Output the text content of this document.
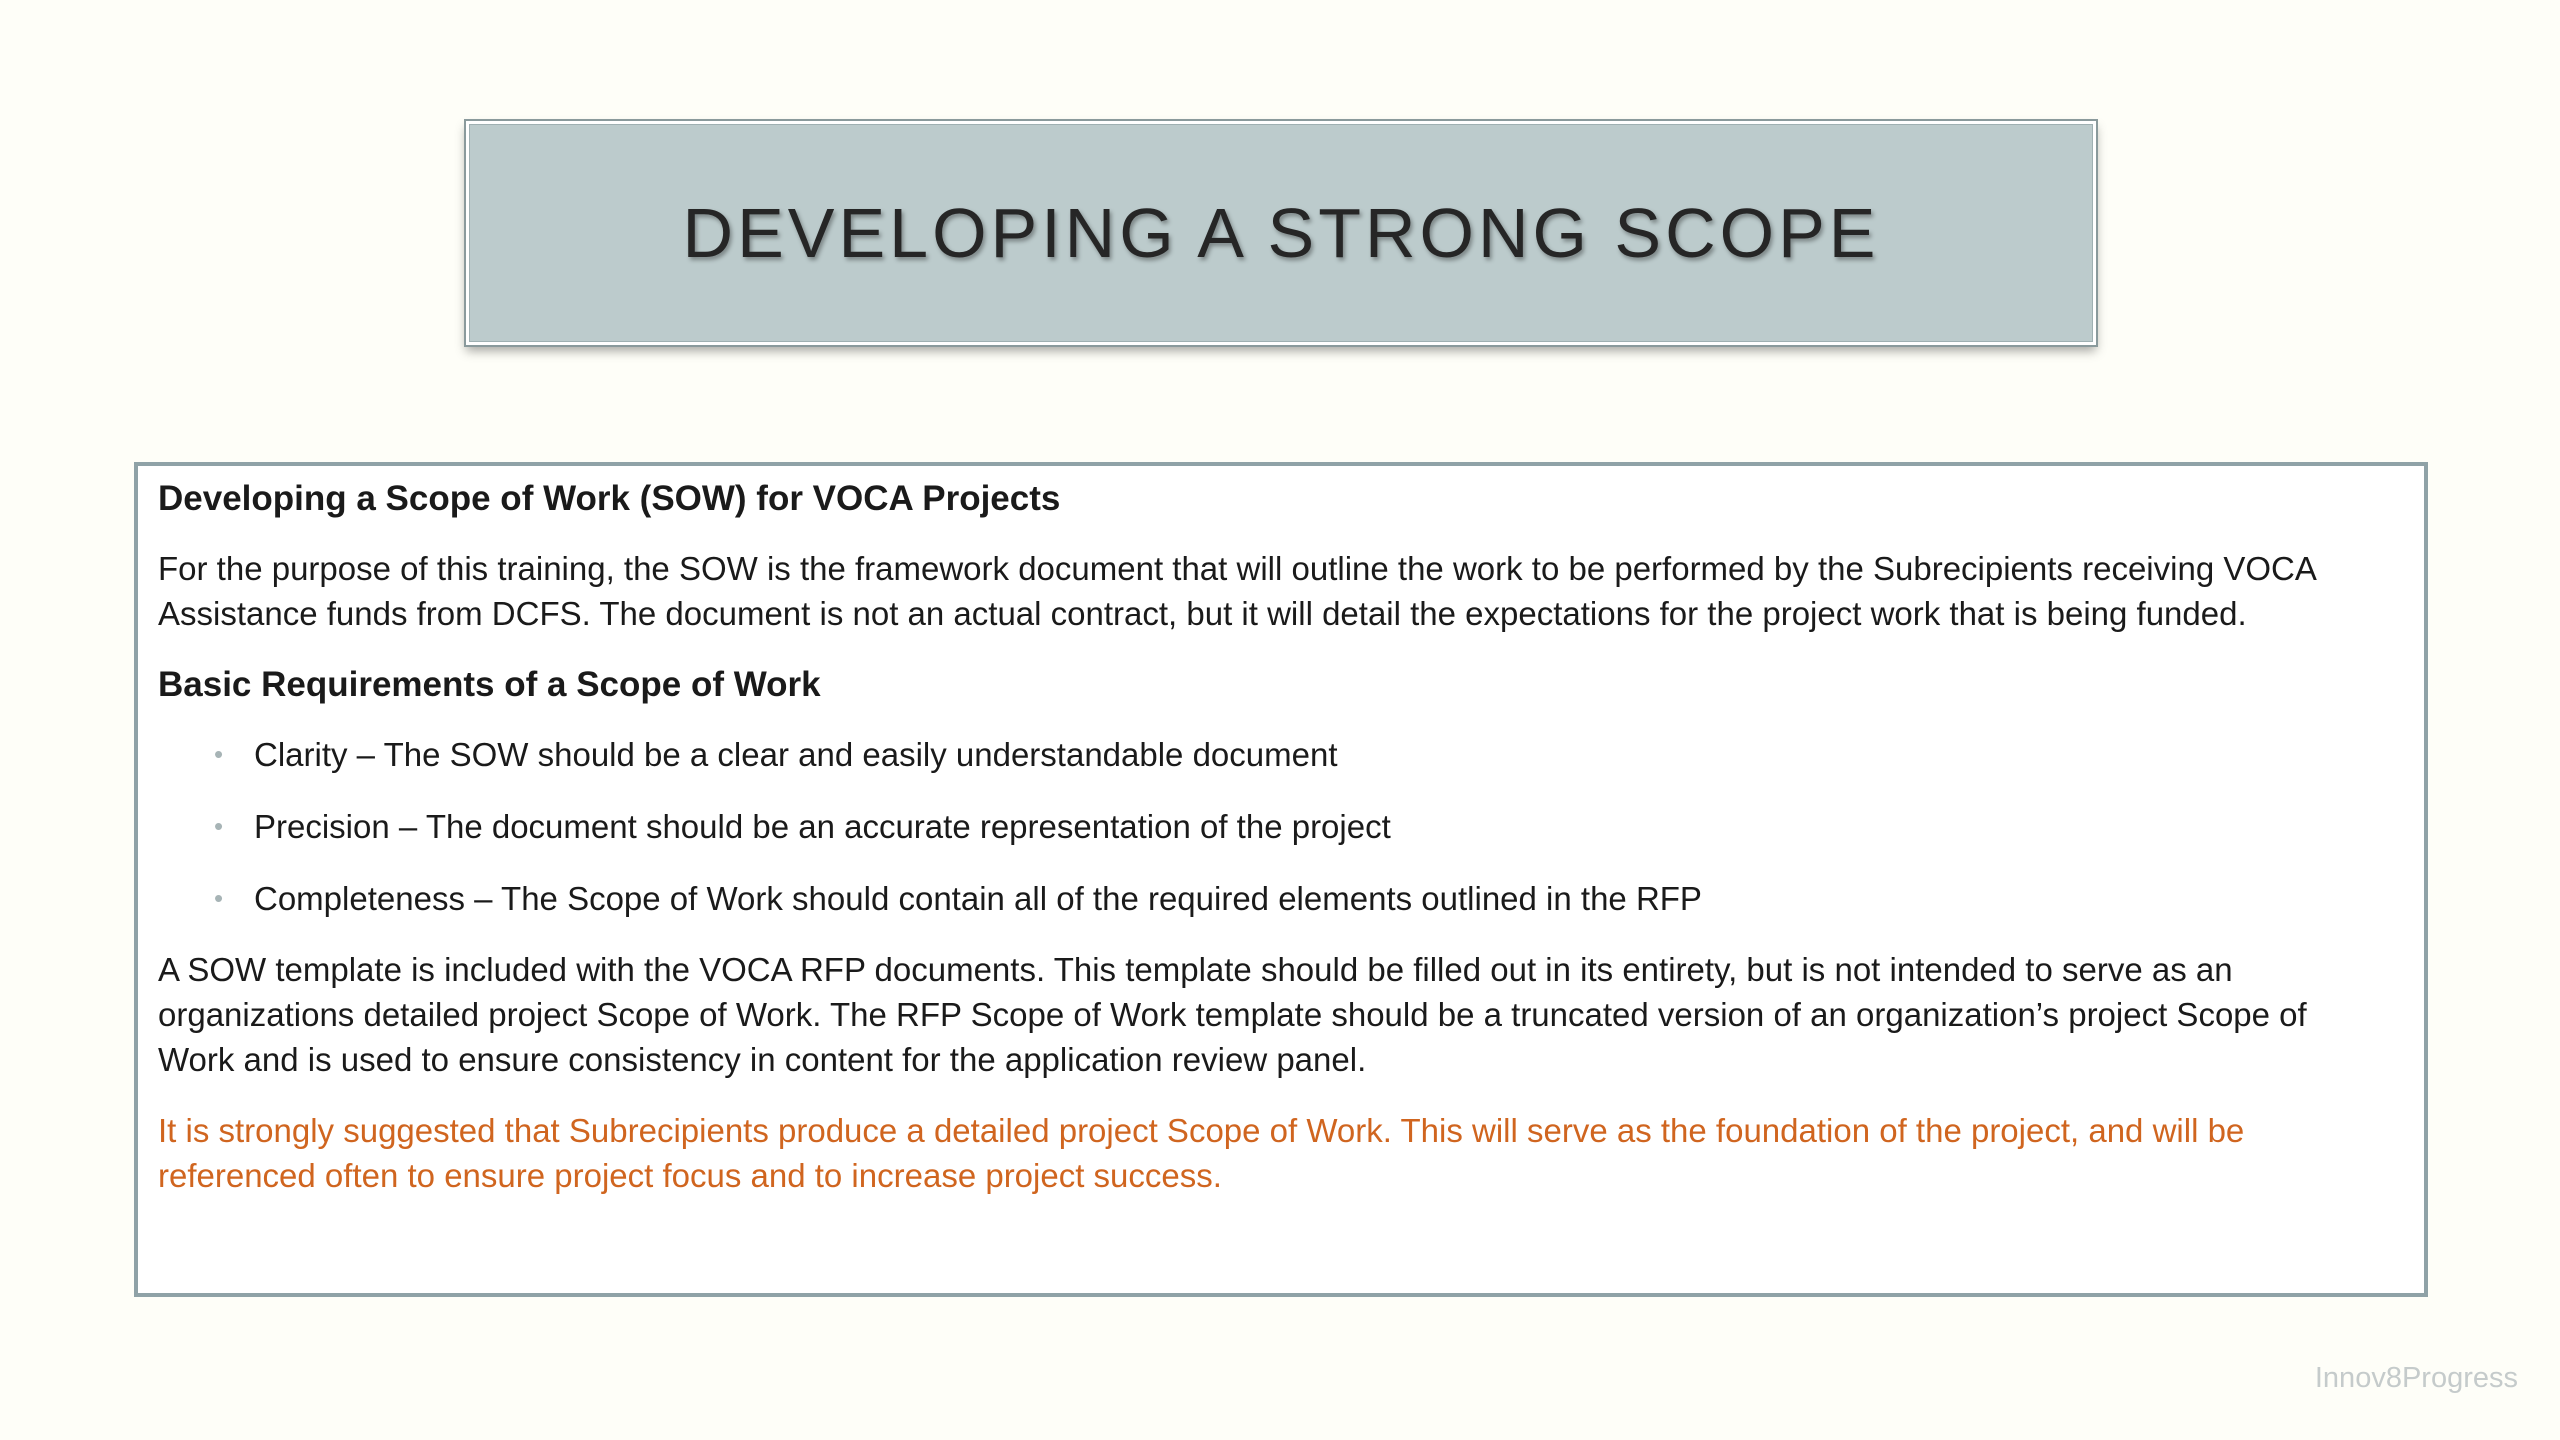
DEVELOPING A STRONG SCOPE
Developing a Scope of Work (SOW) for VOCA Projects

For the purpose of this training, the SOW is the framework document that will outline the work to be performed by the Subrecipients receiving VOCA Assistance funds from DCFS. The document is not an actual contract, but it will detail the expectations for the project work that is being funded.

Basic Requirements of a Scope of Work
• Clarity – The SOW should be a clear and easily understandable document
• Precision – The document should be an accurate representation of the project
• Completeness – The Scope of Work should contain all of the required elements outlined in the RFP

A SOW template is included with the VOCA RFP documents. This template should be filled out in its entirety, but is not intended to serve as an organizations detailed project Scope of Work. The RFP Scope of Work template should be a truncated version of an organization’s project Scope of Work and is used to ensure consistency in content for the application review panel.

It is strongly suggested that Subrecipients produce a detailed project Scope of Work. This will serve as the foundation of the project, and will be referenced often to ensure project focus and to increase project success.

Innov8Progress
